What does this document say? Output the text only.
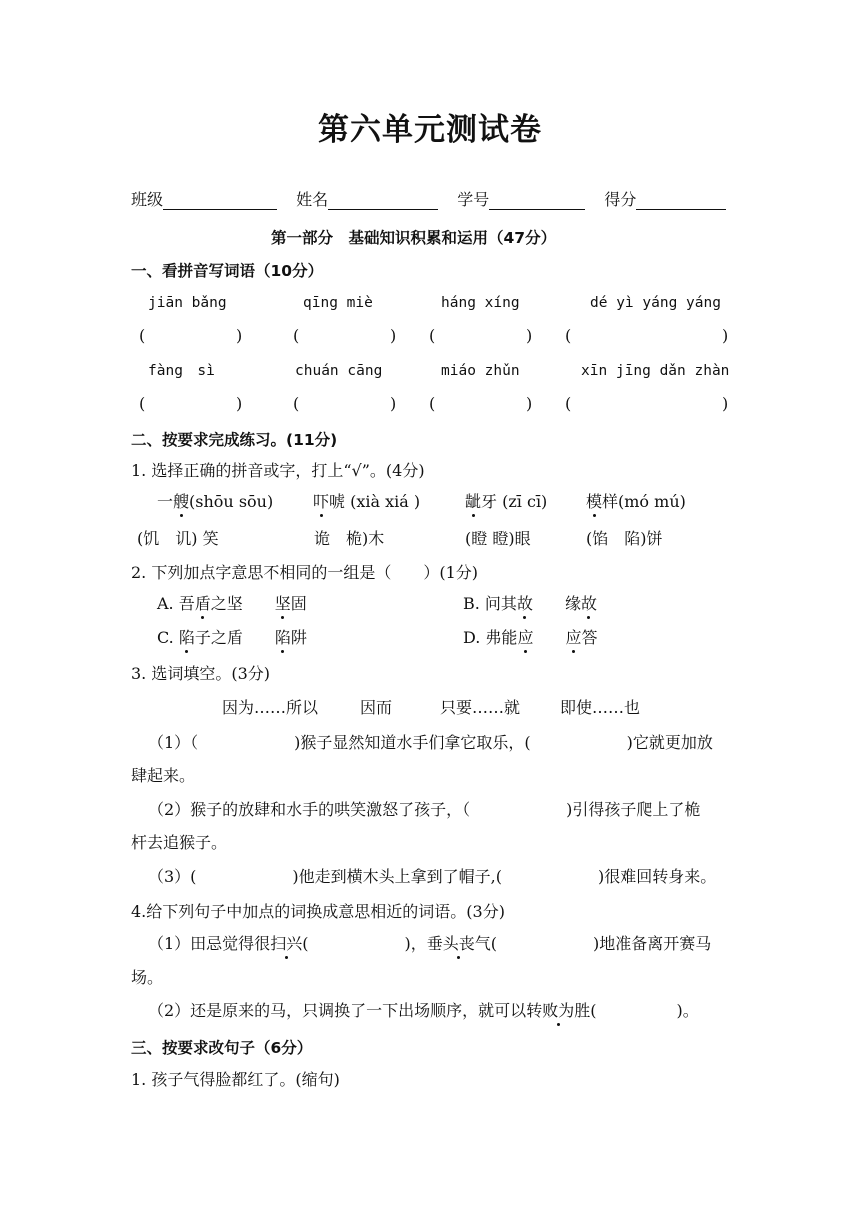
第六单元测试卷
班级	姓名	学号	得分
第一部分　基础知识积累和运用（47分）
一、看拼音写词语（10分）
jiān bǎng	qīng miè	háng xíng	dé yì yáng yáng
(	)	(	) (	) (	)
fàng　sì	chuán cāng	miáo zhǔn	xīn jīng dǎn zhàn
(	)	(	) (	) (	)
二、按要求完成练习。(11分)
1. 选择正确的拼音或字，打上“√”。(4分)
一艘(shōu sōu) 吓唬 (xià xiá )	龇牙 (zī cī) 模样(mó mú)
(饥　讥) 笑	诡　桅)木	(瞪 瞪)眼	(馅　陷)饼
2. 下列加点字意思不相同的一组是（　　）(1分)
A. 吾盾之坚　　坚固	B. 问其故　　缘故
C. 陷子之盾　　陷阱	D. 弗能应　　 应答
3. 选词填空。(3分)
因为……所以	因而	只要……就 即使……也
（1）（　　　　　　)猴子显然知道水手们拿它取乐，(　　　　　　)它就更加放
肆起来。
（2）猴子的放肆和水手的哄笑激怒了孩子，（　　　　　　)引得孩子爬上了桅
杆去追猴子。
（3）(　　　　　　)他走到横木头上拿到了帽子,(　　　　　　)很难回转身来。
4.给下列句子中加点的词换成意思相近的词语。(3分)
（1）田忌觉得很扫兴(　　　　　　)，垂头丧气(　　　　　　)地准备离开赛马
场。
（2）还是原来的马，只调换了一下出场顺序，就可以转败为胜(　　　　　)。
三、按要求改句子（6分）
1. 孩子气得脸都红了。(缩句)
